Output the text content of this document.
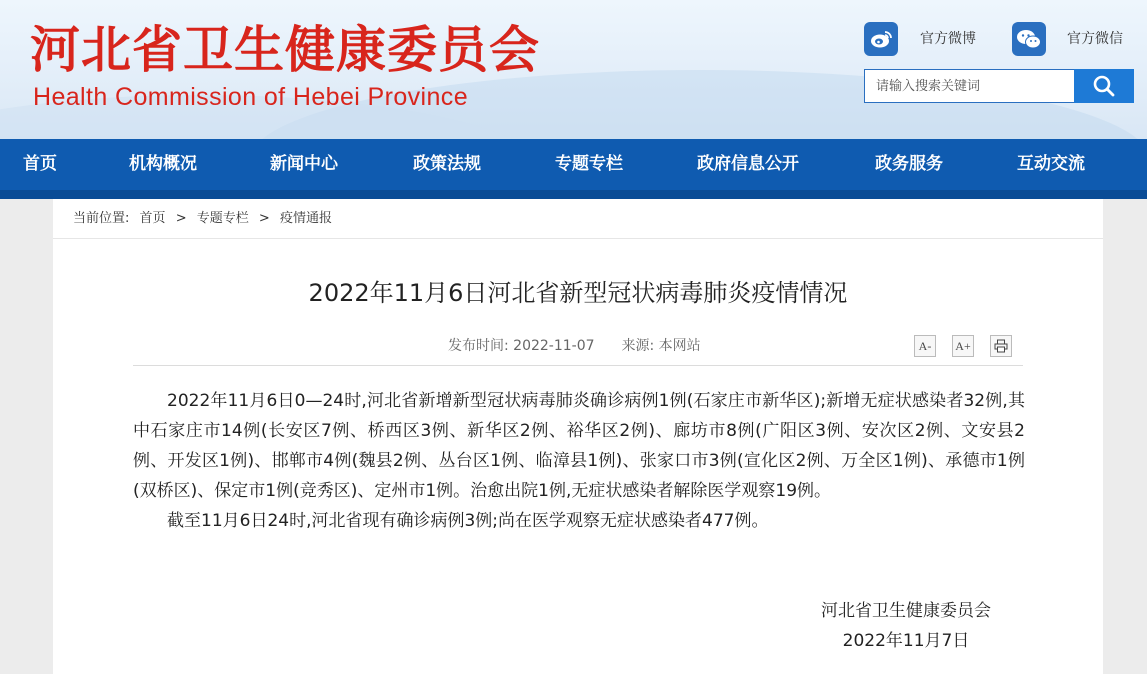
河北省卫生健康委员会
Health Commission of Hebei Province
官方微博	官方微信
请输入搜索关键词
首页	机构概况	新闻中心	政策法规	专题专栏	政府信息公开	政务服务	互动交流
当前位置: 首页 > 专题专栏 > 疫情通报
2022年11月6日河北省新型冠状病毒肺炎疫情情况
发布时间: 2022-11-07 来源: 本网站	A-	A+

2022年11月6日0—24时,河北省新增新型冠状病毒肺炎确诊病例1例(石家庄市新华区);新增无症状感染者32例,其中石家庄市14例(长安区7例、桥西区3例、新华区2例、裕华区2例)、廊坊市8例(广阳区3例、安次区2例、文安县2例、开发区1例)、邯郸市4例(魏县2例、丛台区1例、临漳县1例)、张家口市3例(宣化区2例、万全区1例)、承德市1例(双桥区)、保定市1例(竞秀区)、定州市1例。治愈出院1例,无症状感染者解除医学观察19例。

截至11月6日24时,河北省现有确诊病例3例;尚在医学观察无症状感染者477例。

河北省卫生健康委员会
2022年11月7日
